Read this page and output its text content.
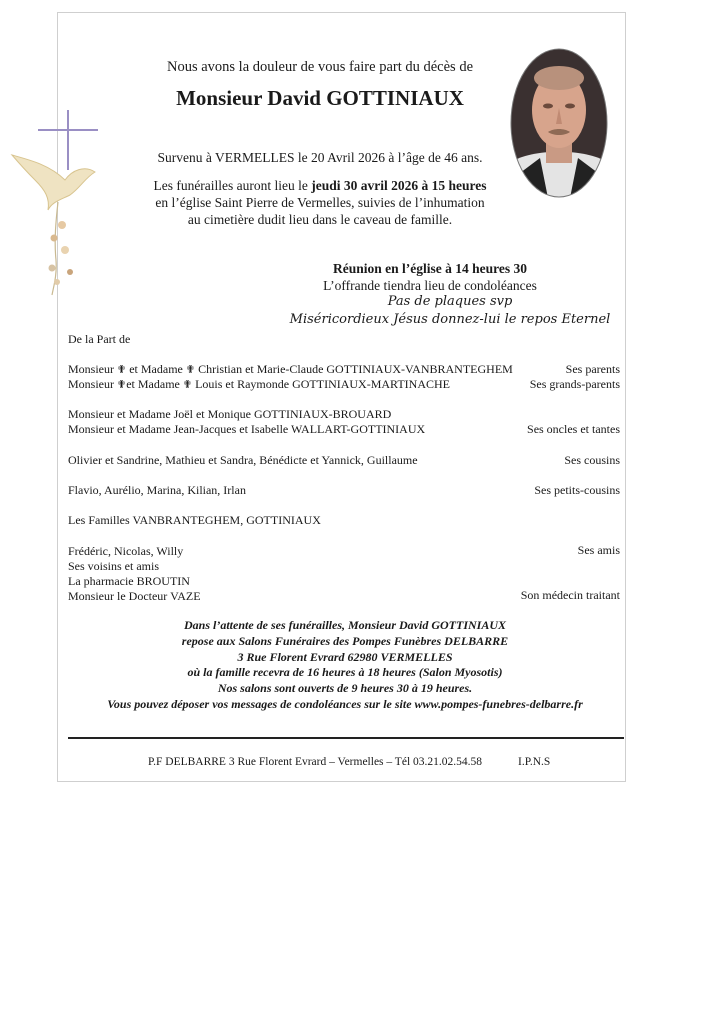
Nous avons la douleur de vous faire part du décès de
Monsieur David GOTTINIAUX
Survenu à VERMELLES le 20 Avril 2026 à l’âge de 46 ans.
Les funérailles auront lieu le jeudi 30 avril 2026 à 15 heures
en l’église Saint Pierre de Vermelles, suivies de l’inhumation
au cimetière dudit lieu dans le caveau de famille.
Réunion en l’église à 14 heures 30
L’offrande tiendra lieu de condoléances
Pas de plaques svp
Miséricordieux Jésus donnez-lui le repos Eternel
De la Part de
Monsieur ✟ et Madame ✟ Christian et Marie-Claude GOTTINIAUX-VANBRANTEGHEM	Ses parents
Monsieur ✟et Madame ✟ Louis et Raymonde GOTTINIAUX-MARTINACHE	Ses grands-parents
Monsieur et Madame Joël et Monique GOTTINIAUX-BROUARD
Monsieur et Madame Jean-Jacques et Isabelle WALLART-GOTTINIAUX	Ses oncles et tantes
Olivier et Sandrine, Mathieu et Sandra, Bénédicte et Yannick, Guillaume	Ses cousins
Flavio, Aurélio, Marina, Kilian, Irlan	Ses petits-cousins
Les Familles VANBRANTEGHEM, GOTTINIAUX
Frédéric, Nicolas, Willy	Ses amis
Ses voisins et amis
La pharmacie BROUTIN
Monsieur le Docteur VAZE	Son médecin traitant
Dans l’attente de ses funérailles, Monsieur David GOTTINIAUX
repose aux Salons Funéraires des Pompes Funèbres DELBARRE
3 Rue Florent Evrard 62980 VERMELLES
où la famille recevra de 16 heures à 18 heures (Salon Myosotis)
Nos salons sont ouverts de 9 heures 30 à 19 heures.
Vous pouvez déposer vos messages de condoléances sur le site www.pompes-funebres-delbarre.fr
P.F DELBARRE 3 Rue Florent Evrard – Vermelles – Tél 03.21.02.54.58	I.P.N.S
